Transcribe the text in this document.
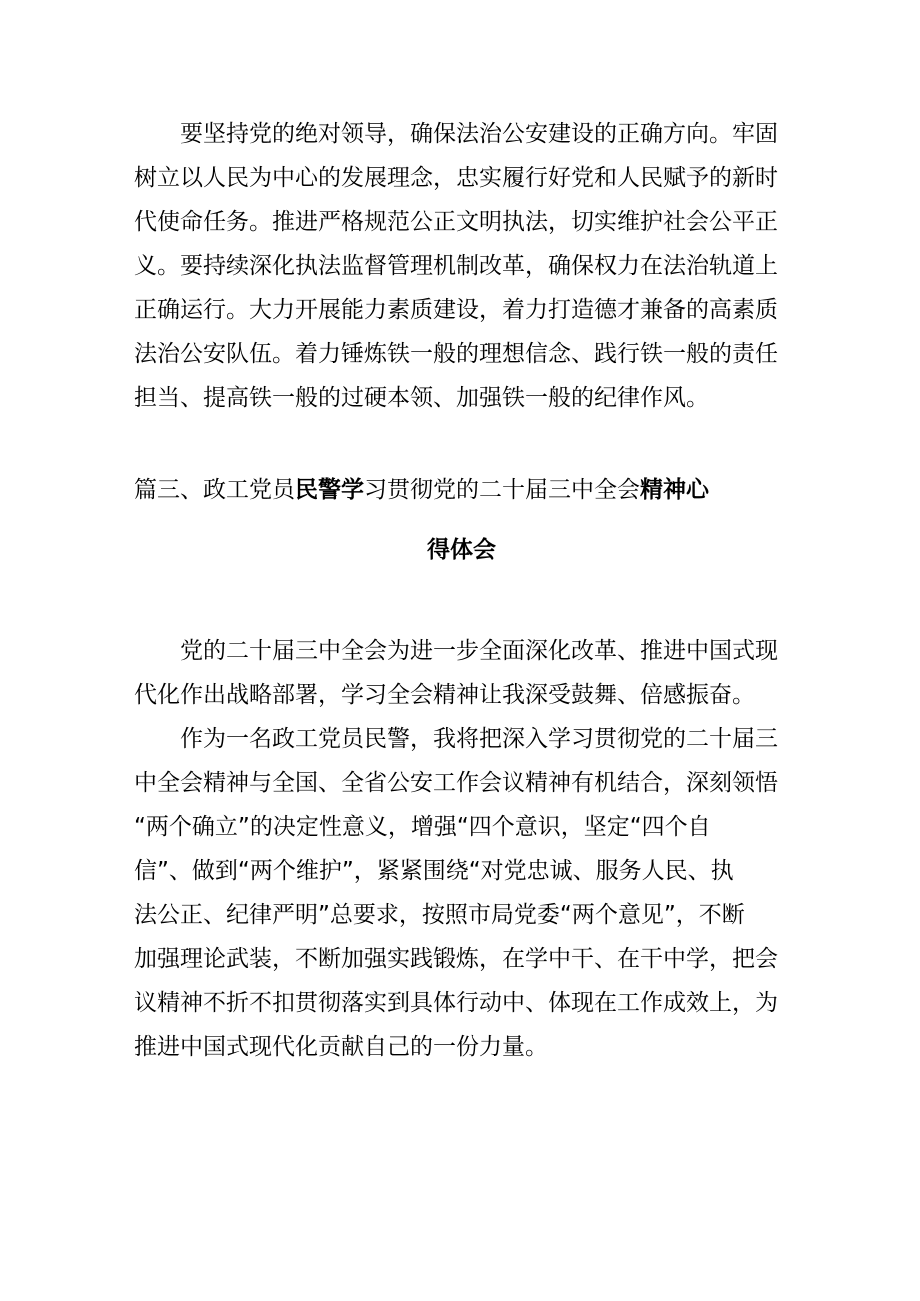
要坚持党的绝对领导，确保法治公安建设的正确方向。牢固

树立以人民为中心的发展理念，忠实履行好党和人民赋予的新时

代使命任务。推进严格规范公正文明执法，切实维护社会公平正

义。要持续深化执法监督管理机制改革，确保权力在法治轨道上

正确运行。大力开展能力素质建设，着力打造德才兼备的高素质

法治公安队伍。着力锤炼铁一般的理想信念、践行铁一般的责任

担当、提高铁一般的过硬本领、加强铁一般的纪律作风。

篇三、政工党员民警学习贯彻党的二十届三中全会精神心

得体会

党的二十届三中全会为进一步全面深化改革、推进中国式现

代化作出战略部署，学习全会精神让我深受鼓舞、倍感振奋。

作为一名政工党员民警，我将把深入学习贯彻党的二十届三

中全会精神与全国、全省公安工作会议精神有机结合，深刻领悟

“两个确立”的决定性意义，增强“四个意识，坚定“四个自

信”、做到“两个维护”，紧紧围绕“对党忠诚、服务人民、执

法公正、纪律严明”总要求，按照市局党委“两个意见”，不断

加强理论武装，不断加强实践锻炼，在学中干、在干中学，把会

议精神不折不扣贯彻落实到具体行动中、体现在工作成效上，为

推进中国式现代化贡献自己的一份力量。
